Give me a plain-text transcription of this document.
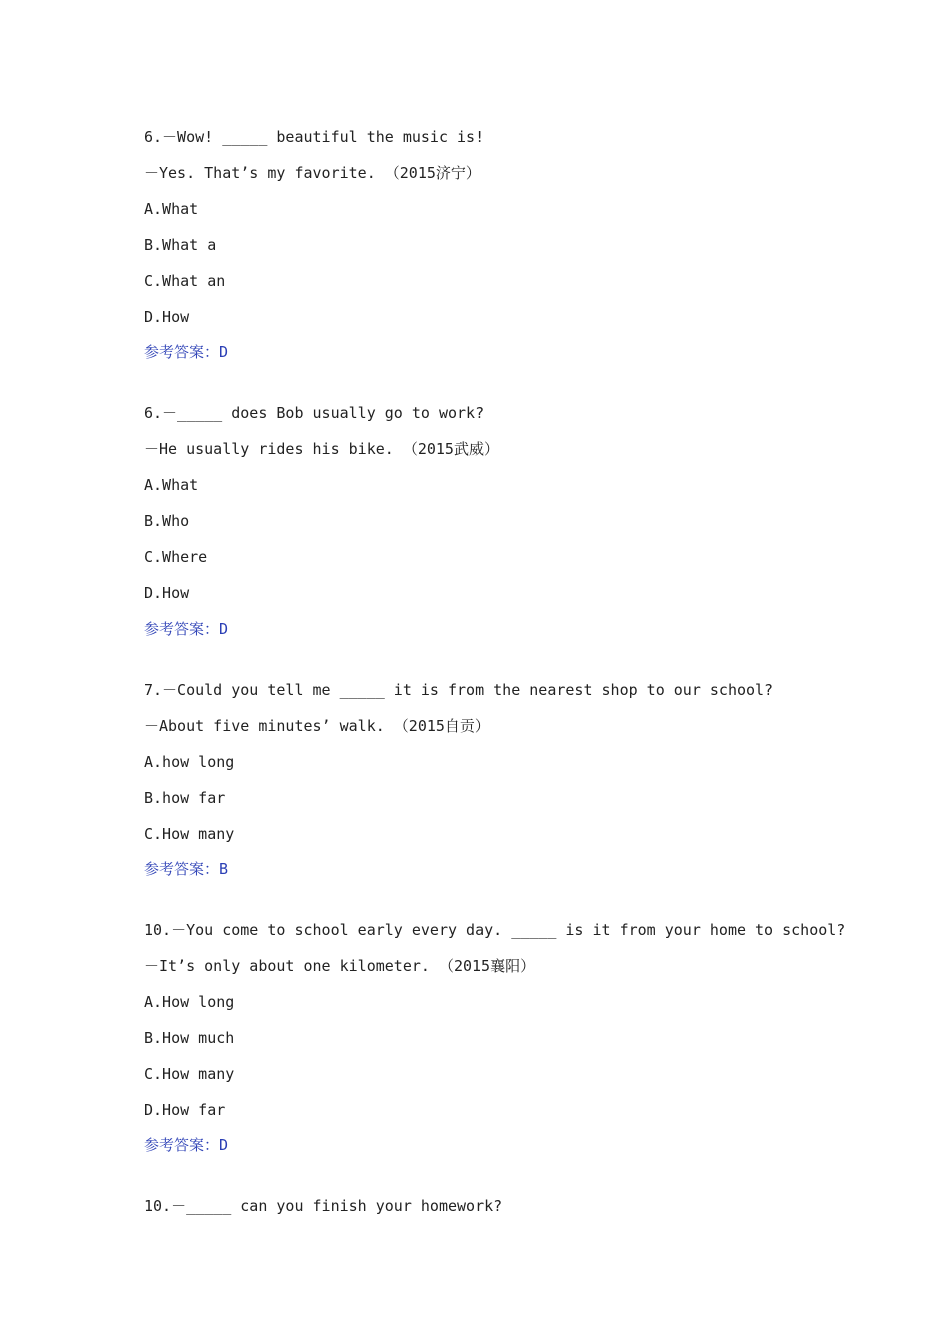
6.－Wow! _____ beautiful the music is!
－Yes. That’s my favorite. （2015济宁）
A.What
B.What a
C.What an
D.How
参考答案：D
6.－_____ does Bob usually go to work?
－He usually rides his bike. （2015武威）
A.What
B.Who
C.Where
D.How
参考答案：D
7.－Could you tell me _____ it is from the nearest shop to our school?
－About five minutes’ walk. （2015自贡）
A.how long
B.how far
C.How many
参考答案：B
10.－You come to school early every day. _____ is it from your home to school?
－It’s only about one kilometer. （2015襄阳）
A.How long
B.How much
C.How many
D.How far
参考答案：D
10.－_____ can you finish your homework?
